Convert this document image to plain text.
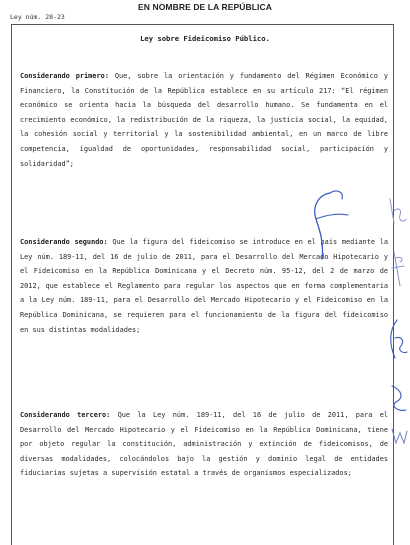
EN NOMBRE DE LA REPÚBLICA
Ley núm. 28-23
Ley sobre Fideicomiso Público.

Considerando primero: Que, sobre la orientación y fundamento del Régimen Económico y Financiero, la Constitución de la República establece en su artículo 217: “El régimen económico se orienta hacia la búsqueda del desarrollo humano. Se fundamenta en el crecimiento económico, la redistribución de la riqueza, la justicia social, la equidad, la cohesión social y territorial y la sostenibilidad ambiental, en un marco de libre competencia, igualdad de oportunidades, responsabilidad social, participación y solidaridad”;

Considerando segundo: Que la figura del fideicomiso se introduce en el país mediante la Ley núm. 189-11, del 16 de julio de 2011, para el Desarrollo del Mercado Hipotecario y el Fideicomiso en la República Dominicana y el Decreto núm. 95-12, del 2 de marzo de 2012, que establece el Reglamento para regular los aspectos que en forma complementaria a la Ley núm. 189-11, para el Desarrollo del Mercado Hipotecario y el Fideicomiso en la República Dominicana, se requieren para el funcionamiento de la figura del fideicomiso en sus distintas modalidades;

Considerando tercero: Que la Ley núm. 189-11, del 16 de julio de 2011, para el Desarrollo del Mercado Hipotecario y el Fideicomiso en la República Dominicana, tiene por objeto regular la constitución, administración y extinción de fideicomisos, de diversas modalidades, colocándolos bajo la gestión y dominio legal de entidades fiduciarias sujetas a supervisión estatal a través de organismos especializados;
